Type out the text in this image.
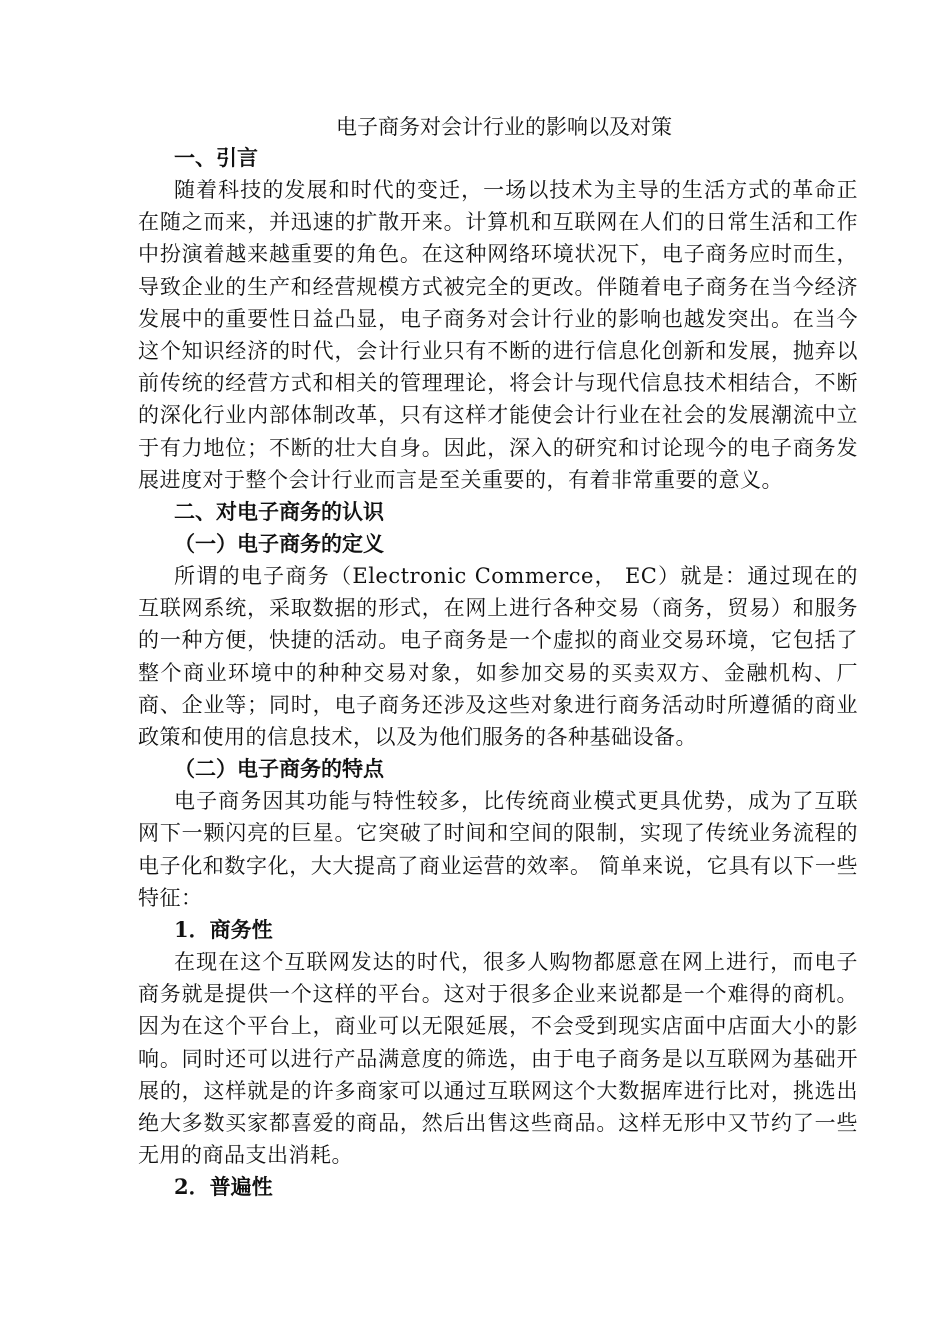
电子商务对会计行业的影响以及对策

一、引言

随着科技的发展和时代的变迁，一场以技术为主导的生活方式的革命正在随之而来，并迅速的扩散开来。计算机和互联网在人们的日常生活和工作中扮演着越来越重要的角色。在这种网络环境状况下，电子商务应时而生，导致企业的生产和经营规模方式被完全的更改。伴随着电子商务在当今经济发展中的重要性日益凸显，电子商务对会计行业的影响也越发突出。在当今这个知识经济的时代，会计行业只有不断的进行信息化创新和发展，抛弃以前传统的经营方式和相关的管理理论，将会计与现代信息技术相结合，不断的深化行业内部体制改革，只有这样才能使会计行业在社会的发展潮流中立于有力地位；不断的壮大自身。因此，深入的研究和讨论现今的电子商务发展进度对于整个会计行业而言是至关重要的，有着非常重要的意义。

二、对电子商务的认识

（一）电子商务的定义

所谓的电子商务（Electronic Commerce， EC）就是：通过现在的互联网系统，采取数据的形式，在网上进行各种交易（商务，贸易）和服务的一种方便，快捷的活动。电子商务是一个虚拟的商业交易环境，它包括了整个商业环境中的种种交易对象，如参加交易的买卖双方、金融机构、厂商、企业等；同时，电子商务还涉及这些对象进行商务活动时所遵循的商业政策和使用的信息技术，以及为他们服务的各种基础设备。

（二）电子商务的特点

电子商务因其功能与特性较多，比传统商业模式更具优势，成为了互联网下一颗闪亮的巨星。它突破了时间和空间的限制，实现了传统业务流程的电子化和数字化，大大提高了商业运营的效率。 简单来说，它具有以下一些特征：

1．商务性

在现在这个互联网发达的时代，很多人购物都愿意在网上进行，而电子商务就是提供一个这样的平台。这对于很多企业来说都是一个难得的商机。因为在这个平台上，商业可以无限延展，不会受到现实店面中店面大小的影响。同时还可以进行产品满意度的筛选，由于电子商务是以互联网为基础开展的，这样就是的许多商家可以通过互联网这个大数据库进行比对，挑选出绝大多数买家都喜爱的商品，然后出售这些商品。这样无形中又节约了一些无用的商品支出消耗。

2．普遍性
